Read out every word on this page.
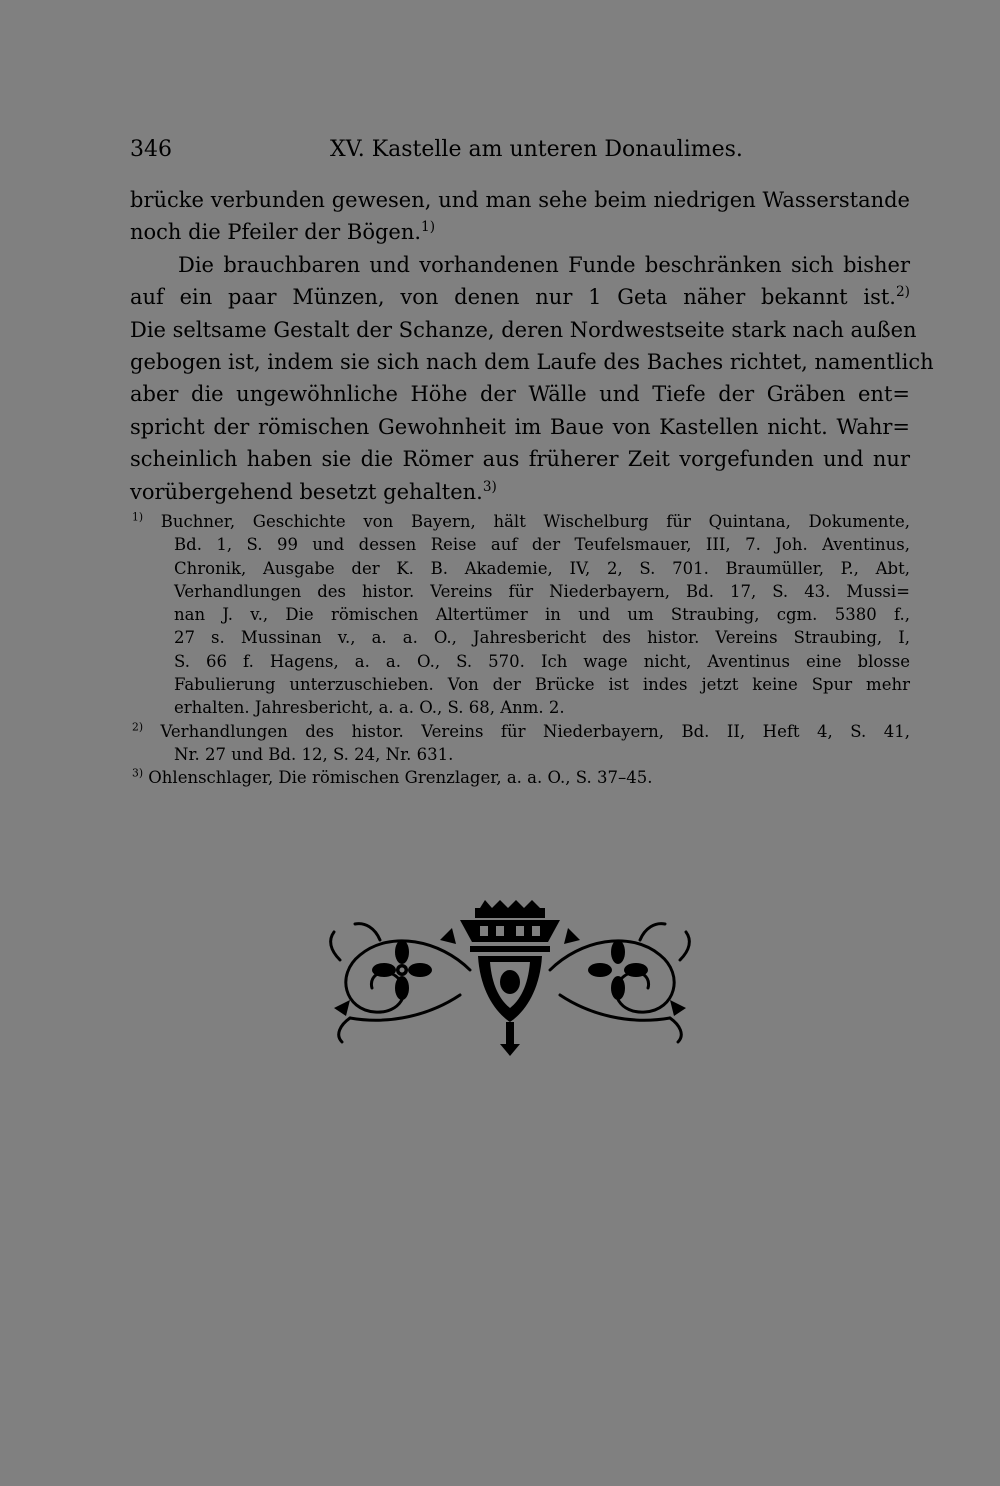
346	XV. Kastelle am unteren Donaulimes.
brücke verbunden gewesen, und man sehe beim niedrigen Wasserstande
noch die Pfeiler der Bögen.$^{1)}$
Die brauchbaren und vorhandenen Funde beschränken sich bisher
auf ein paar Münzen, von denen nur 1 Geta näher bekannt ist.$^{2)}$
Die seltsame Gestalt der Schanze, deren Nordwestseite stark nach außen
gebogen ist, indem sie sich nach dem Laufe des Baches richtet, namentlich
aber die ungewöhnliche Höhe der Wälle und Tiefe der Gräben ent=
spricht der römischen Gewohnheit im Baue von Kastellen nicht. Wahr=
scheinlich haben sie die Römer aus früherer Zeit vorgefunden und nur
vorübergehend besetzt gehalten.$^{3)}$
$^{1)}$ Buchner, Geschichte von Bayern, hält Wischelburg für Quintana, Dokumente,
Bd. 1, S. 99 und dessen Reise auf der Teufelsmauer, III, 7. Joh. Aventinus,
Chronik, Ausgabe der K. B. Akademie, IV, 2, S. 701. Braumüller, P., Abt,
Verhandlungen des histor. Vereins für Niederbayern, Bd. 17, S. 43. Mussi=
nan J. v., Die römischen Altertümer in und um Straubing, cgm. 5380 f.,
27 s. Mussinan v., a. a. O., Jahresbericht des histor. Vereins Straubing, I,
S. 66 f. Hagens, a. a. O., S. 570. Ich wage nicht, Aventinus eine blosse
Fabulierung unterzuschieben. Von der Brücke ist indes jetzt keine Spur mehr
erhalten. Jahresbericht, a. a. O., S. 68, Anm. 2.
$^{2)}$ Verhandlungen des histor. Vereins für Niederbayern, Bd. II, Heft 4, S. 41,
Nr. 27 und Bd. 12, S. 24, Nr. 631.
$^{3)}$ Ohlenschlager, Die römischen Grenzlager, a. a. O., S. 37–45.
